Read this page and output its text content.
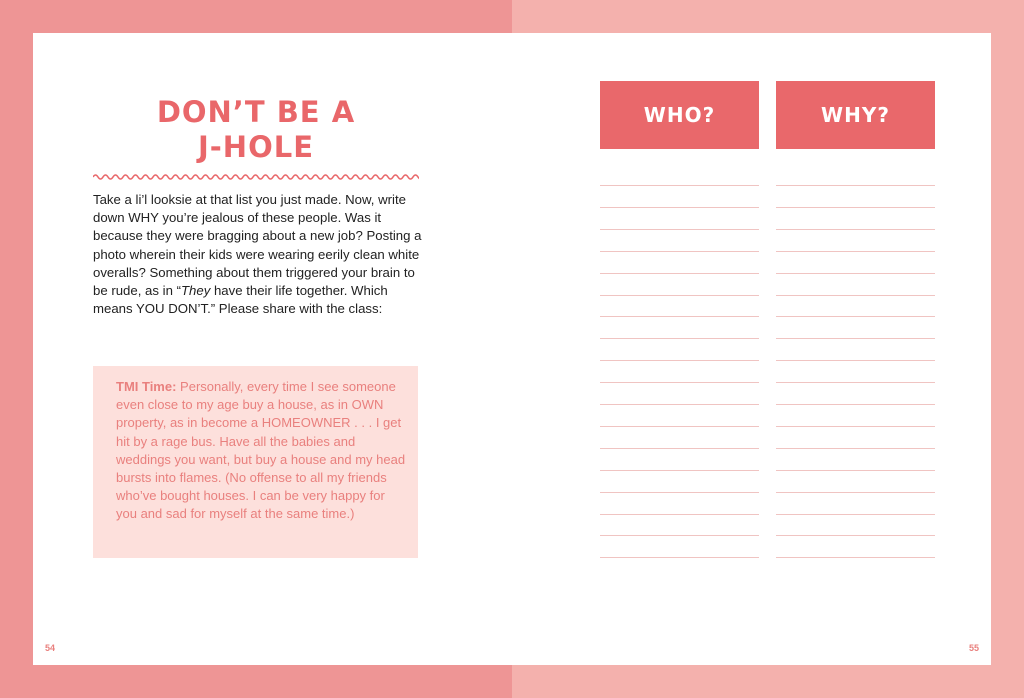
DON’T BE A
J-HOLE
Take a li’l looksie at that list you just made. Now, write down WHY you’re jealous of these people. Was it because they were bragging about a new job? Posting a photo wherein their kids were wearing eerily clean white overalls? Something about them triggered your brain to be rude, as in “They have their life together. Which means YOU DON’T.” Please share with the class:
TMI Time: Personally, every time I see someone even close to my age buy a house, as in OWN property, as in become a HOMEOWNER . . . I get hit by a rage bus. Have all the babies and weddings you want, but buy a house and my head bursts into flames. (No offense to all my friends who’ve bought houses. I can be very happy for you and sad for myself at the same time.)
WHO?	WHY?
54	55
